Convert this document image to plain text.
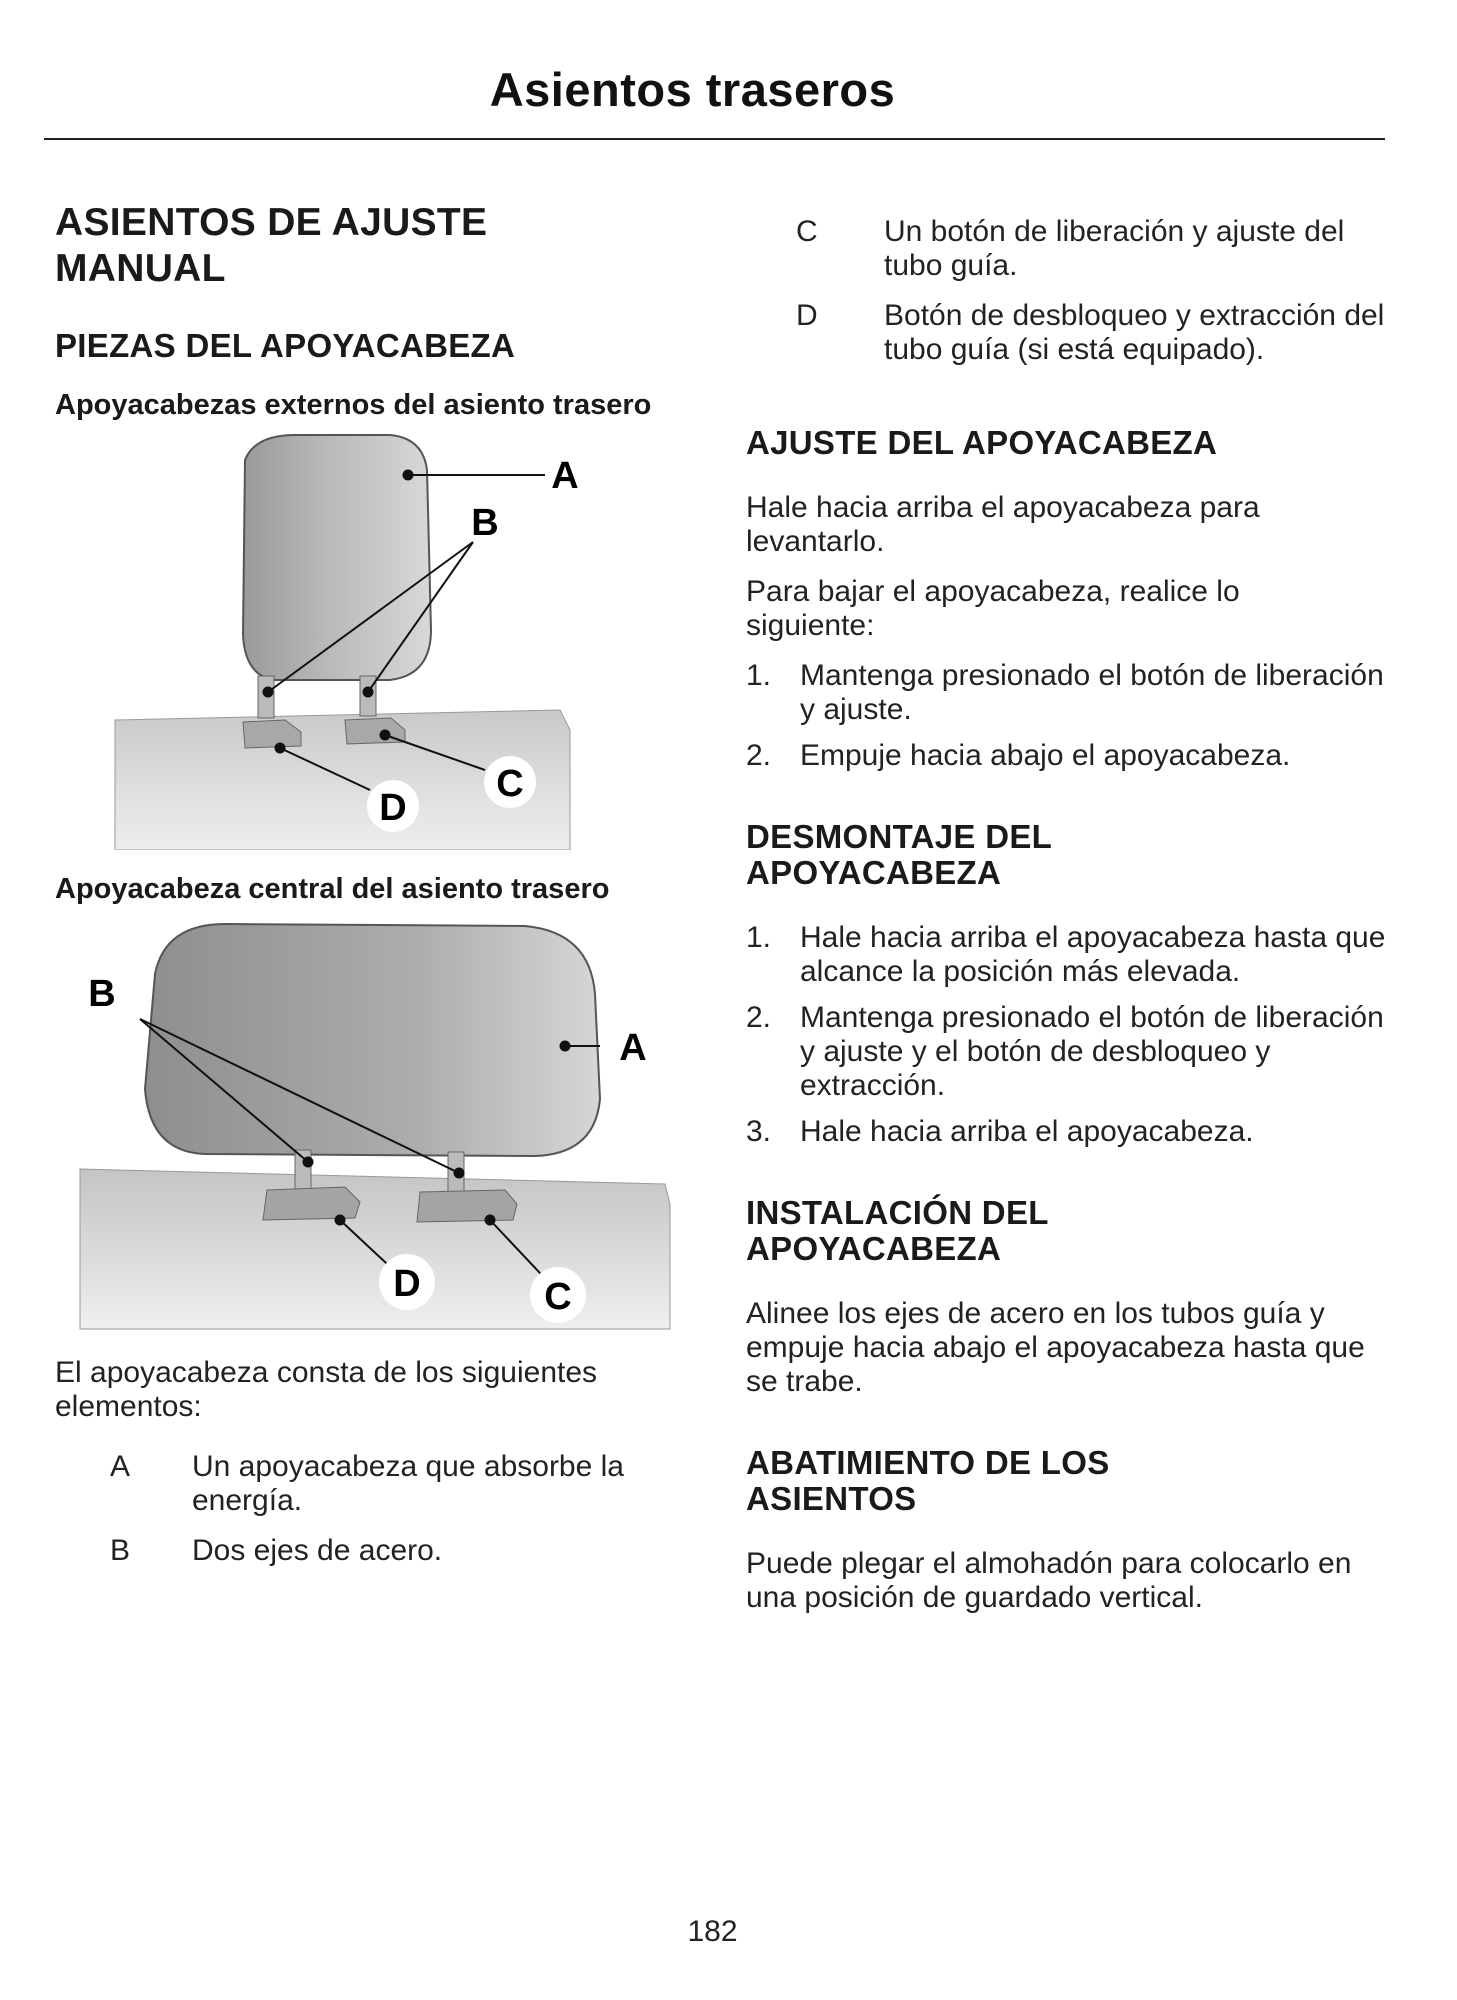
Asientos traseros
ASIENTOS DE AJUSTE MANUAL
PIEZAS DEL APOYACABEZA
Apoyacabezas externos del asiento trasero
A
B
C
D
Apoyacabeza central del asiento trasero
A
B
D	C

El apoyacabeza consta de los siguientes elementos:

A	Un apoyacabeza que absorbe la energía.
B	Dos ejes de acero.
C	Un botón de liberación y ajuste del tubo guía.
D	Botón de desbloqueo y extracción del tubo guía (si está equipado).
AJUSTE DEL APOYACABEZA

Hale hacia arriba el apoyacabeza para levantarlo.

Para bajar el apoyacabeza, realice lo siguiente:

1. Mantenga presionado el botón de liberación y ajuste.
2. Empuje hacia abajo el apoyacabeza.
DESMONTAJE DEL APOYACABEZA
1. Hale hacia arriba el apoyacabeza hasta que alcance la posición más elevada.
2. Mantenga presionado el botón de liberación y ajuste y el botón de desbloqueo y extracción.
3. Hale hacia arriba el apoyacabeza.
INSTALACIÓN DEL APOYACABEZA

Alinee los ejes de acero en los tubos guía y empuje hacia abajo el apoyacabeza hasta que se trabe.

ABATIMIENTO DE LOS ASIENTOS

Puede plegar el almohadón para colocarlo en una posición de guardado vertical.

182
